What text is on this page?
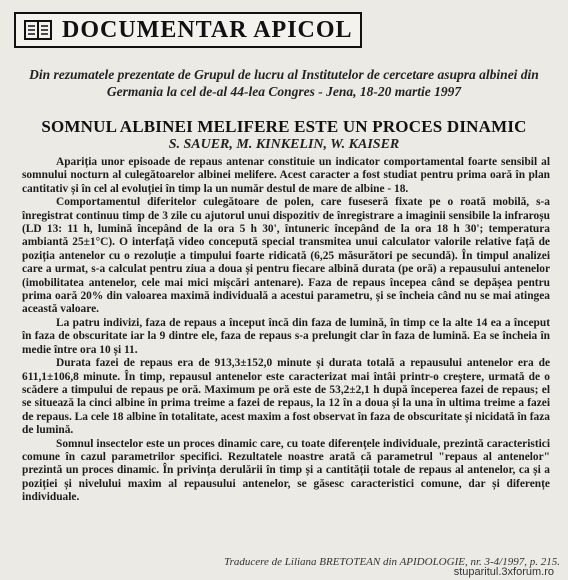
DOCUMENTAR APICOL
Din rezumatele prezentate de Grupul de lucru al Institutelor de cercetare asupra albinei din Germania la cel de-al 44-lea Congres - Jena, 18-20 martie 1997
SOMNUL ALBINEI MELIFERE ESTE UN PROCES DINAMIC
S. SAUER, M. KINKELIN, W. KAISER

Apariția unor episoade de repaus antenar constituie un indicator comportamental foarte sensibil al somnului nocturn al culegătoarelor albinei melifere. Acest caracter a fost studiat pentru prima oară în plan cantitativ și în cel al evoluției în timp la un număr destul de mare de albine - 18.

Comportamentul diferitelor culegătoare de polen, care fuseseră fixate pe o roată mobilă, s-a înregistrat continuu timp de 3 zile cu ajutorul unui dispozitiv de înregistrare a imaginii sensibile la infraroșu (LD 13: 11 h, lumină începând de la ora 5 h 30', întuneric începând de la ora 18 h 30'; temperatura ambiantă 25±1°C). O interfață video concepută special transmitea unui calculator valorile relative față de poziția antenelor cu o rezoluție a timpului foarte ridicată (6,25 măsurători pe secundă). În timpul analizei care a urmat, s-a calculat pentru ziua a doua și pentru fiecare albină durata (pe oră) a repausului antenelor (imobilitatea antenelor, cele mai mici mișcări antenare). Faza de repaus începea când se depășea pentru prima oară 20% din valoarea maximă individuală a acestui parametru, și se încheia când nu se mai atingea această valoare.

La patru indivizi, faza de repaus a început încă din faza de lumină, în timp ce la alte 14 ea a început în faza de obscuritate iar la 9 dintre ele, faza de repaus s-a prelungit clar în faza de lumină. Ea se încheia în medie între ora 10 și 11.

Durata fazei de repaus era de 913,3±152,0 minute și durata totală a repausului antenelor era de 611,1±106,8 minute. În timp, repausul antenelor este caracterizat mai întâi printr-o creștere, urmată de o scădere a timpului de repaus pe oră. Maximum pe oră este de 53,2±2,1 h după începerea fazei de repaus; el se situează la cinci albine în prima treime a fazei de repaus, la 12 în a doua și la una în ultima treime a fazei de repaus. La cele 18 albine în totalitate, acest maxim a fost observat în faza de obscuritate și nicidată în faza de lumină.

Somnul insectelor este un proces dinamic care, cu toate diferențele individuale, prezintă caracteristici comune în cazul parametrilor specifici. Rezultatele noastre arată că parametrul "repaus al antenelor" prezintă un proces dinamic. În privința derulării în timp și a cantității totale de repaus al antenelor, ca și a poziției și nivelului maxim al repausului antenelor, se găsesc caracteristici comune, dar și diferențe individuale.

Traducere de Liliana BRETOTEAN din APIDOLOGIE, nr. 3-4/1997, p. 215.
stuparitul.3xforum.ro
